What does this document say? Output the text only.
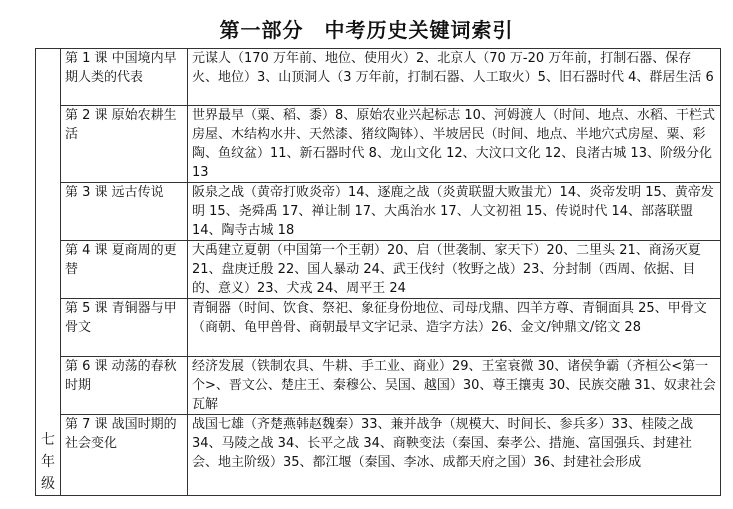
第一部分　中考历史关键词索引
七
年
级	第 1 课 中国境内早期人类的代表	元谋人（170 万年前、地位、使用火）2、北京人（70 万-20 万年前，打制石器、保存火、地位）3、山顶洞人（3 万年前，打制石器、人工取火）5、旧石器时代 4、群居生活 6
	第 2 课 原始农耕生活	世界最早（粟、稻、黍）8、原始农业兴起标志 10、河姆渡人（时间、地点、水稻、干栏式房屋、木结构水井、天然漆、猪纹陶钵）、半坡居民（时间、地点、半地穴式房屋、粟、彩陶、鱼纹盆）11、新石器时代 8、龙山文化 12、大汶口文化 12、良渚古城 13、阶级分化 13
	第 3 课 远古传说	阪泉之战（黄帝打败炎帝）14、逐鹿之战（炎黄联盟大败蚩尤）14、炎帝发明 15、黄帝发明 15、尧舜禹 17、禅让制 17、大禹治水 17、人文初祖 15、传说时代 14、部落联盟 14、陶寺古城 18
	第 4 课 夏商周的更替	大禹建立夏朝（中国第一个王朝）20、启（世袭制、家天下）20、二里头 21、商汤灭夏 21、盘庚迁殷 22、国人暴动 24、武王伐纣（牧野之战）23、分封制（西周、依据、目的、意义）23、犬戎 24、周平王 24
	第 5 课 青铜器与甲骨文	青铜器（时间、饮食、祭祀、象征身份地位、司母戊鼎、四羊方尊、青铜面具 25、甲骨文（商朝、龟甲兽骨、商朝最早文字记录、造字方法）26、金文/钟鼎文/铭文 28
	第 6 课 动荡的春秋时期	经济发展（铁制农具、牛耕、手工业、商业）29、王室衰微 30、诸侯争霸（齐桓公<第一个>、晋文公、楚庄王、秦穆公、吴国、越国）30、尊王攘夷 30、民族交融 31、奴隶社会瓦解
	第 7 课 战国时期的社会变化	战国七雄（齐楚燕韩赵魏秦）33、兼并战争（规模大、时间长、参兵多）33、桂陵之战 34、马陵之战 34、长平之战 34、商鞅变法（秦国、秦孝公、措施、富国强兵、封建社会、地主阶级）35、都江堰（秦国、李冰、成都天府之国）36、封建社会形成
